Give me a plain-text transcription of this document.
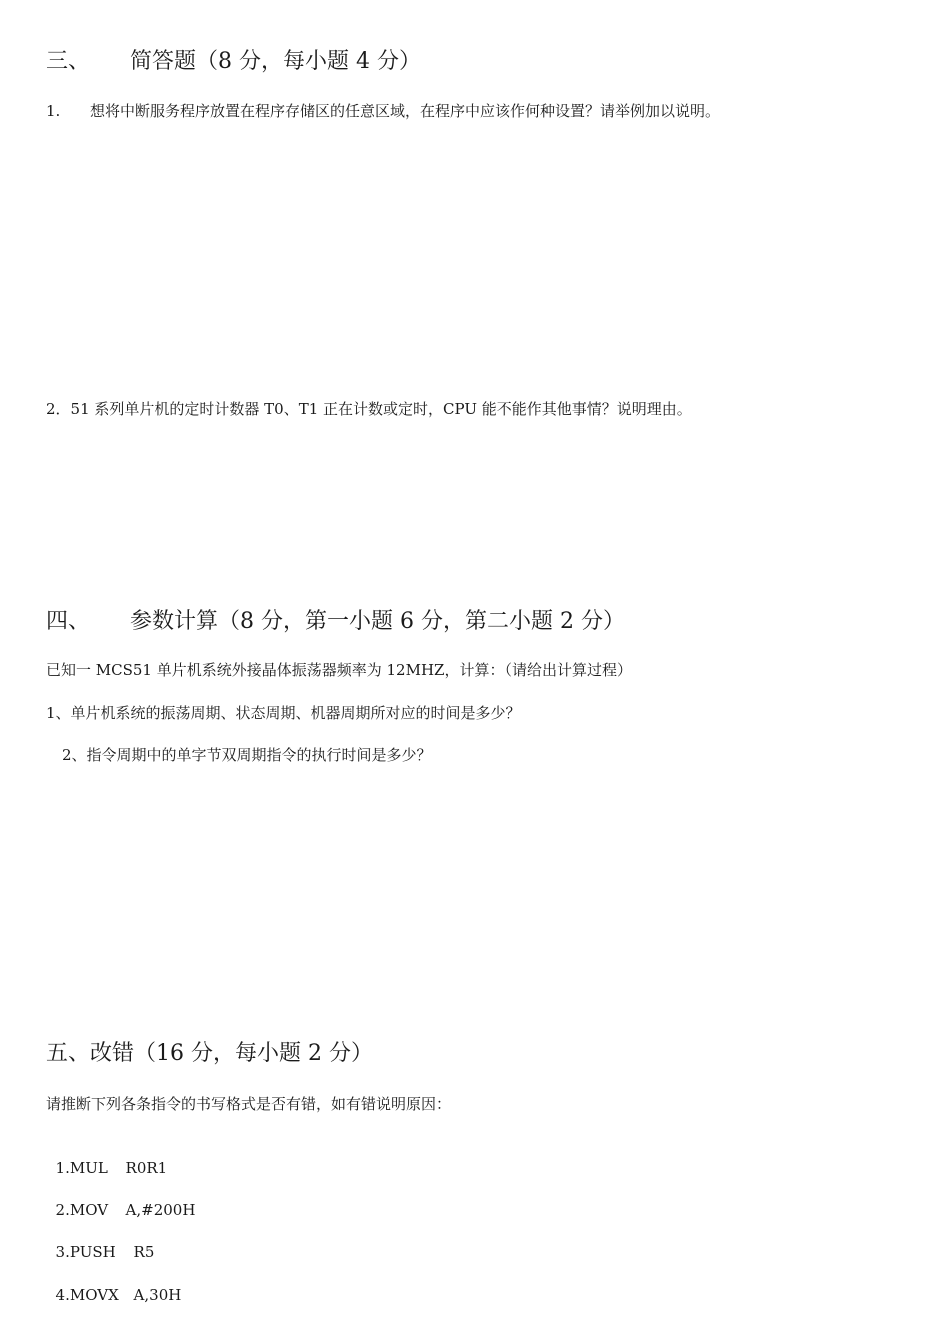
三、 简答题（8 分，每小题 4 分）
1. 想将中断服务程序放置在程序存储区的任意区域，在程序中应该作何种设置？请举例加以说明。
2．51 系列单片机的定时计数器 T0、T1 正在计数或定时，CPU 能不能作其他事情？说明理由。
四、 参数计算（8 分，第一小题 6 分，第二小题 2 分）
已知一 MCS51 单片机系统外接晶体振荡器频率为 12MHZ，计算：（请给出计算过程）
1、单片机系统的振荡周期、状态周期、机器周期所对应的时间是多少？
2、指令周期中的单字节双周期指令的执行时间是多少？
五、改错（16 分，每小题 2 分）
请推断下列各条指令的书写格式是否有错，如有错说明原因：

1.MUL R0R1

2.MOV A,#200H

3.PUSH R5

4.MOVX A,30H
